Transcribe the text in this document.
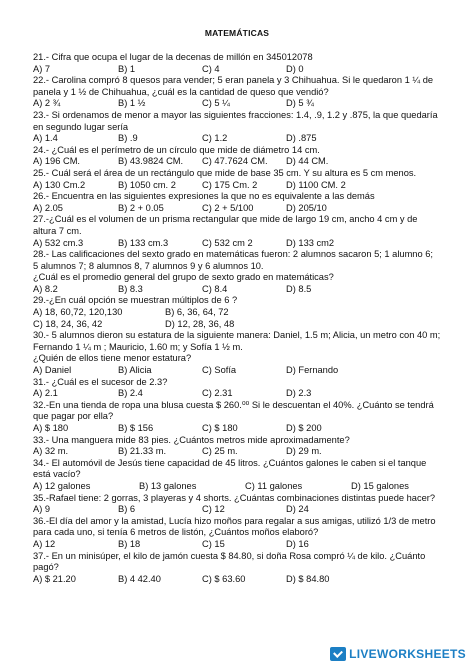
MATEMÁTICAS
21.- Cifra que ocupa el lugar de la decenas de millón en 345012078
A) 7	B) 1	C) 4	D) 0
22.- Carolina compró 8 quesos para vender; 5 eran panela y 3 Chihuahua. Si le quedaron 1 ¼ de
panela y 1 ½ de Chihuahua, ¿cuál es la cantidad de queso que vendió?
A) 2 ¾	B) 1 ½	C) 5 ¼	D) 5 ¾
23.- Si ordenamos de menor a mayor las siguientes fracciones: 1.4, .9, 1.2 y .875, la que quedaría
en segundo lugar sería
A) 1.4	B) .9	C) 1.2	D) .875
24.- ¿Cuál es el perímetro de un círculo que mide de diámetro 14 cm.
A) 196 CM.	B) 43.9824 CM. C) 47.7624 CM. D) 44 CM.
25.- Cuál será el área de un rectángulo que mide de base 35 cm. Y su altura es 5 cm menos.
A) 130 Cm.2	B) 1050 cm. 2	C) 175 Cm. 2	D) 1100 CM. 2
26.- Encuentra en las siguientes expresiones la que no es equivalente a las demás
A) 2.05	B) 2 + 0.05	C) 2 + 5/100	D) 205/10
27.-¿Cuál es el volumen de un prisma rectangular que mide de largo 19 cm, ancho 4 cm y de
altura 7 cm.
A) 532 cm.3	B) 133 cm.3	C) 532 cm 2	D) 133 cm2
28.- Las calificaciones del sexto grado en matemáticas fueron: 2 alumnos sacaron 5; 1 alumno 6;
5 alumnos 7; 8 alumnos 8, 7 alumnos 9 y 6 alumnos 10.
¿Cuál es el promedio general del grupo de sexto grado en matemáticas?
A) 8.2	B) 8.3	C) 8.4	D) 8.5
29.-¿En cuál opción se muestran múltiplos de 6 ?
A) 18, 60,72, 120,130	B) 6, 36, 64, 72
C) 18, 24, 36, 42	D) 12, 28, 36, 48
30.- 5 alumnos dieron su estatura de la siguiente manera: Daniel, 1.5 m; Alicia, un metro con 40 m;
Fernando 1 ¼ m ; Mauricio, 1.60 m; y Sofía 1 ½ m.
¿Quién de ellos tiene menor estatura?
A) Daniel	B) Alicia	C) Sofía	D) Fernando
31.- ¿Cuál es el sucesor de 2.3?
A) 2.1	B) 2.4	C) 2.31	D) 2.3
32.-En una tienda de ropa una blusa cuesta $ 260.⁰⁰ Si le descuentan el 40%. ¿Cuánto se tendrá
que pagar por ella?
A) $ 180	B) $ 156	C) $ 180	D) $ 200
33.- Una manguera mide 83 pies. ¿Cuántos metros mide aproximadamente?
A) 32 m.	B) 21.33 m.	C) 25 m.	D) 29 m.
34.- El automóvil de Jesús tiene capacidad de 45 litros. ¿Cuántos galones le caben si el tanque
está vacío?
A) 12 galones	B) 13 galones	C) 11 galones	D) 15 galones
35.-Rafael tiene: 2 gorras, 3 playeras y 4 shorts. ¿Cuántas combinaciones distintas puede hacer?
A) 9	B) 6	C) 12	D) 24
36.-El día del amor y la amistad, Lucía hizo moños para regalar a sus amigas, utilizó 1/3 de metro
para cada uno, si tenía 6 metros de listón, ¿Cuántos moños elaboró?
A) 12	B) 18	C) 15	D) 16
37.- En un minisúper, el kilo de jamón cuesta $ 84.80, si doña Rosa compró ¼ de kilo. ¿Cuánto
pagó?
A) $ 21.20	B) 4 42.40	C) $ 63.60	D) $ 84.80
LIVEWORKSHEETS
